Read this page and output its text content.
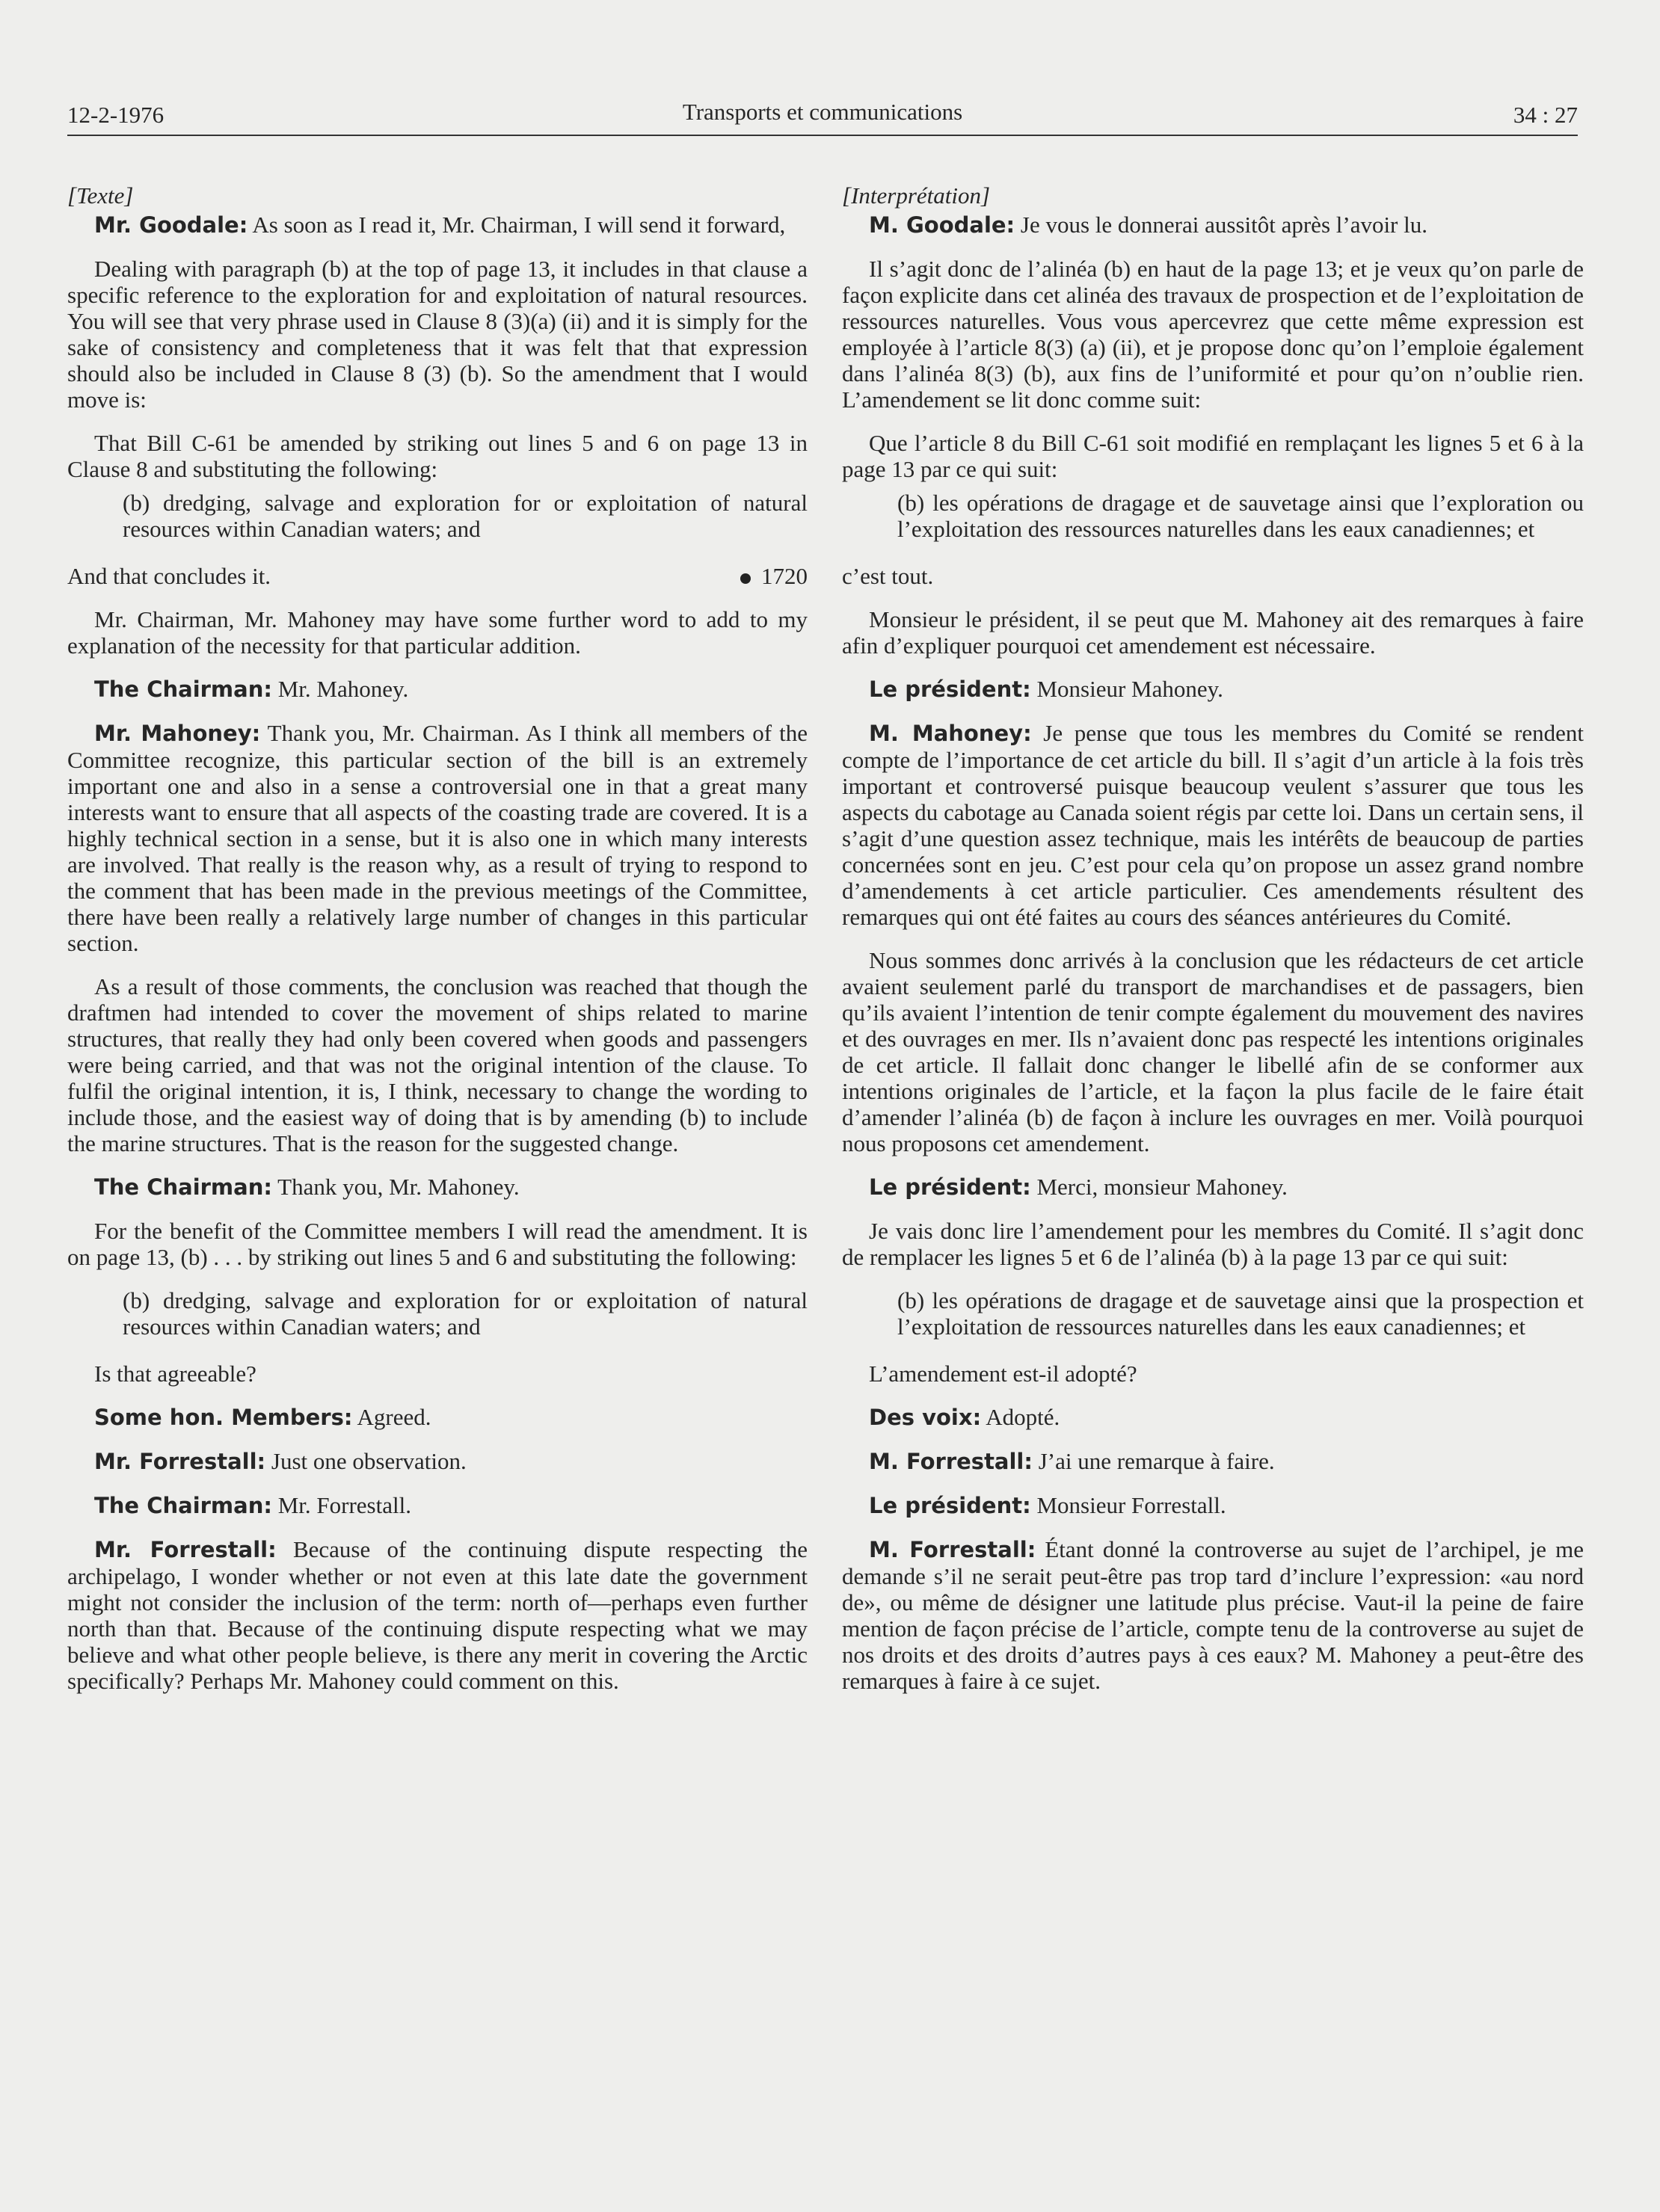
12-2-1976	Transports et communications	34 : 27

[Texte]

Mr. Goodale: As soon as I read it, Mr. Chairman, I will send it forward,

Dealing with paragraph (b) at the top of page 13, it includes in that clause a specific reference to the exploration for and exploitation of natural resources. You will see that very phrase used in Clause 8 (3)(a) (ii) and it is simply for the sake of consistency and completeness that it was felt that that expression should also be included in Clause 8 (3) (b). So the amendment that I would move is:

That Bill C-61 be amended by striking out lines 5 and 6 on page 13 in Clause 8 and substituting the following:

(b) dredging, salvage and exploration for or exploitation of natural resources within Canadian waters; and

And that concludes it.	1720

Mr. Chairman, Mr. Mahoney may have some further word to add to my explanation of the necessity for that particular addition.

The Chairman: Mr. Mahoney.

Mr. Mahoney: Thank you, Mr. Chairman. As I think all members of the Committee recognize, this particular section of the bill is an extremely important one and also in a sense a controversial one in that a great many interests want to ensure that all aspects of the coasting trade are covered. It is a highly technical section in a sense, but it is also one in which many interests are involved. That really is the reason why, as a result of trying to respond to the comment that has been made in the previous meetings of the Committee, there have been really a relatively large number of changes in this particular section.

As a result of those comments, the conclusion was reached that though the draftmen had intended to cover the movement of ships related to marine structures, that really they had only been covered when goods and passengers were being carried, and that was not the original intention of the clause. To fulfil the original intention, it is, I think, necessary to change the wording to include those, and the easiest way of doing that is by amending (b) to include the marine structures. That is the reason for the suggested change.

The Chairman: Thank you, Mr. Mahoney.

For the benefit of the Committee members I will read the amendment. It is on page 13, (b) . . . by striking out lines 5 and 6 and substituting the following:

(b) dredging, salvage and exploration for or exploitation of natural resources within Canadian waters; and

Is that agreeable?

Some hon. Members: Agreed.

Mr. Forrestall: Just one observation.

The Chairman: Mr. Forrestall.

Mr. Forrestall: Because of the continuing dispute respecting the archipelago, I wonder whether or not even at this late date the government might not consider the inclusion of the term: north of—perhaps even further north than that. Because of the continuing dispute respecting what we may believe and what other people believe, is there any merit in covering the Arctic specifically? Perhaps Mr. Mahoney could comment on this.

[Interprétation]

M. Goodale: Je vous le donnerai aussitôt après l’avoir lu.

Il s’agit donc de l’alinéa (b) en haut de la page 13; et je veux qu’on parle de façon explicite dans cet alinéa des travaux de prospection et de l’exploitation de ressources naturelles. Vous vous apercevrez que cette même expression est employée à l’article 8(3) (a) (ii), et je propose donc qu’on l’emploie également dans l’alinéa 8(3) (b), aux fins de l’uniformité et pour qu’on n’oublie rien. L’amendement se lit donc comme suit:

Que l’article 8 du Bill C-61 soit modifié en remplaçant les lignes 5 et 6 à la page 13 par ce qui suit:

(b) les opérations de dragage et de sauvetage ainsi que l’exploration ou l’exploitation des ressources naturelles dans les eaux canadiennes; et

c’est tout.

Monsieur le président, il se peut que M. Mahoney ait des remarques à faire afin d’expliquer pourquoi cet amendement est nécessaire.

Le président: Monsieur Mahoney.

M. Mahoney: Je pense que tous les membres du Comité se rendent compte de l’importance de cet article du bill. Il s’agit d’un article à la fois très important et controversé puisque beaucoup veulent s’assurer que tous les aspects du cabotage au Canada soient régis par cette loi. Dans un certain sens, il s’agit d’une question assez technique, mais les intérêts de beaucoup de parties concernées sont en jeu. C’est pour cela qu’on propose un assez grand nombre d’amendements à cet article particulier. Ces amendements résultent des remarques qui ont été faites au cours des séances antérieures du Comité.

Nous sommes donc arrivés à la conclusion que les rédacteurs de cet article avaient seulement parlé du transport de marchandises et de passagers, bien qu’ils avaient l’intention de tenir compte également du mouvement des navires et des ouvrages en mer. Ils n’avaient donc pas respecté les intentions originales de cet article. Il fallait donc changer le libellé afin de se conformer aux intentions originales de l’article, et la façon la plus facile de le faire était d’amender l’alinéa (b) de façon à inclure les ouvrages en mer. Voilà pourquoi nous proposons cet amendement.

Le président: Merci, monsieur Mahoney.

Je vais donc lire l’amendement pour les membres du Comité. Il s’agit donc de remplacer les lignes 5 et 6 de l’alinéa (b) à la page 13 par ce qui suit:

(b) les opérations de dragage et de sauvetage ainsi que la prospection et l’exploitation de ressources naturelles dans les eaux canadiennes; et

L’amendement est-il adopté?

Des voix: Adopté.

M. Forrestall: J’ai une remarque à faire.

Le président: Monsieur Forrestall.

M. Forrestall: Étant donné la controverse au sujet de l’archipel, je me demande s’il ne serait peut-être pas trop tard d’inclure l’expression: «au nord de», ou même de désigner une latitude plus précise. Vaut-il la peine de faire mention de façon précise de l’article, compte tenu de la controverse au sujet de nos droits et des droits d’autres pays à ces eaux? M. Mahoney a peut-être des remarques à faire à ce sujet.
